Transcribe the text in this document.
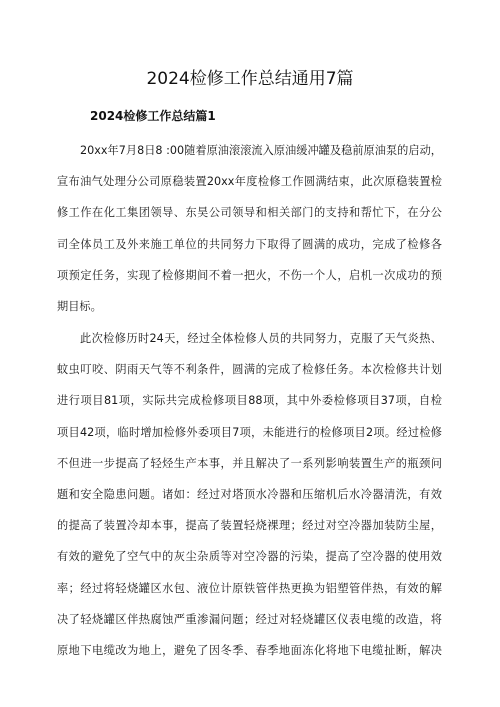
2024检修工作总结通用7篇
2024检修工作总结篇1
20xx年7月8日8 :00随着原油滚滚流入原油缓冲罐及稳前原油泵的启动，
宣布油气处理分公司原稳装置20xx年度检修工作圆满结束，此次原稳装置检
修工作在化工集团领导、东昊公司领导和相关部门的支持和帮忙下，在分公
司全体员工及外来施工单位的共同努力下取得了圆满的成功，完成了检修各
项预定任务，实现了检修期间不着一把火，不伤一个人，启机一次成功的预
期目标。
此次检修历时24天，经过全体检修人员的共同努力，克服了天气炎热、
蚊虫叮咬、阴雨天气等不利条件，圆满的完成了检修任务。本次检修共计划
进行项目81项，实际共完成检修项目88项，其中外委检修项目37项，自检
项目42项，临时增加检修外委项目7项，未能进行的检修项目2项。经过检修
不但进一步提高了轻烃生产本事，并且解决了一系列影响装置生产的瓶颈问
题和安全隐患问题。诸如：经过对塔顶水冷器和压缩机后水冷器清洗，有效
的提高了装置冷却本事，提高了装置轻烧裸理；经过对空冷器加装防尘屋，
有效的避免了空气中的灰尘杂质等对空冷器的污染，提高了空冷器的使用效
率；经过将轻烧罐区水包、液位计原铁管伴热更换为铝塑管伴热，有效的解
决了轻烧罐区伴热腐蚀严重渗漏问题；经过对轻烧罐区仪表电缆的改造，将
原地下电缆改为地上，避免了因冬季、春季地面冻化将地下电缆扯断，解决
